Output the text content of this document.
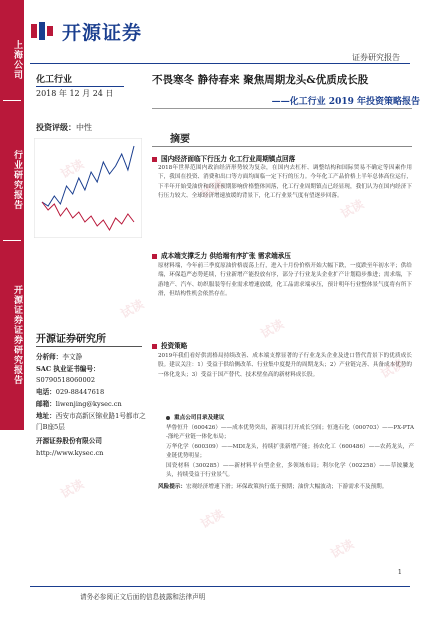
上海公司
行业研究报告
开源证券证券研究报告
开源证券
证券研究报告
化工行业
2018 年 12 月 24 日
投资评级：中性
不畏寒冬 静待春来 聚焦周期龙头&优质成长股
——化工行业 2019 年投资策略报告
摘要
国内经济面临下行压力 化工行业周期镇点回落
2018年世界范围内政治经济形势较为复杂，在国内去杠杆、调整结构和国际贸易不确定等因素作用下，我国在投资、消费和出口等方面均面临一定下行的压力。今年化工产品价格上半年总体高位运行，下半年开始受油价和经济预期影响价格整体回落，化工行业周期镇点已经显现，我们认为在国内经济下行压力较大、全球经济增速放缓的背景下，化工行业景气度有望逐步回落。
成本端支撑乏力 供给端有序扩张 需求端承压
原材料端，今年前三季度原油价格震荡上行，进入十月份价格开始大幅下跌，一度跌至年初水平；供给端，环保趋严态势延续，行业新增产能投放有序，部分子行业龙头企业扩产计划稳步推进；需求端，下游地产、汽车、纺织服装等行业需求增速放缓，化工品需求端承压，预计明年行业整体景气度将有所下滑，但结构性机会依然存在。
投资策略
2019年我们看好供需格局持续改善、成本端支撑显著的子行业龙头企业及进口替代背景下的优质成长股。建议关注：1）受益于供给侧改革、行业集中度提升的周期龙头；2）产业链完善、具备成本优势的一体化龙头；3）受益于国产替代、技术壁垒高的新材料成长股。
重点公司目录及建议
华鲁恒升（600426）——成本优势突出，新项目打开成长空间；恒逸石化（000703）——PX-PTA-涤纶产业链一体化布局；
万华化学（600309）——MDI龙头，持续扩张新增产能；扬农化工（600486）——农药龙头，产业链优势明显；
国瓷材料（300285）——新材料平台型企业，多领域布局；利尔化学（002258）——草铵膦龙头，持续受益于行业景气。
风险提示：宏观经济增速下滑；环保政策执行低于预期；油价大幅波动；下游需求不及预期。
开源证券研究所
分析师：李文静
SAC 执业证书编号：
S0790518060002
电话：029-88447618
邮箱：liwenjing@kysec.cn
地址：西安市高新区锦业路1号都市之门B座5层
开源证券股份有限公司
http://www.kysec.cn
试读
试读
试读
试读
试读
试读
试读
试读
试读
1
请务必参阅正文后面的信息披露和法律声明
